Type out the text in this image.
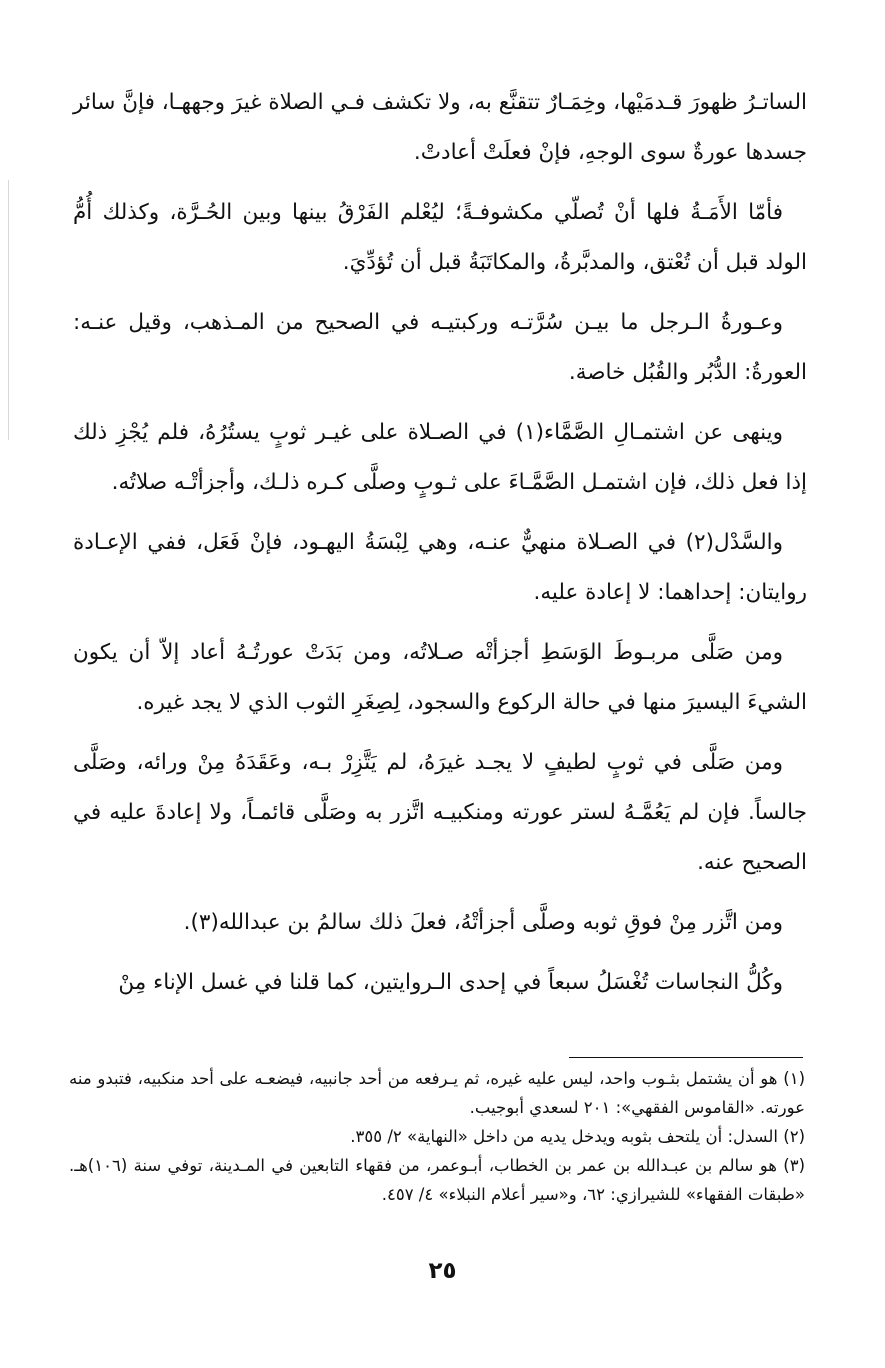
الساتـرُ ظهورَ قـدمَيْها، وخِمَـارٌ تتقنَّع به، ولا تكشف فـي الصلاة غيرَ وجههـا، فإنَّ سائر جسدها عورةٌ سوى الوجهِ، فإنْ فعلَتْ أعادتْ.

فأمّا الأَمَـةُ فلها أنْ تُصلّي مكشوفـةً؛ ليُعْلم الفَرْقُ بينها وبين الحُـرَّة، وكذلك أُمُّ الولد قبل أن تُعْتق، والمدبَّرةُ، والمكاتَبَةُ قبل أن تُؤدِّيَ.

وعـورةُ الـرجل ما بيـن سُرَّتـه وركبتيـه في الصحيح من المـذهب، وقيل عنـه: العورةُ: الدُّبُر والقُبُل خاصة.

وينهى عن اشتمـالِ الصَّمَّاء(١) في الصـلاة على غيـر ثوبٍ يستُرُهُ، فلم يُجْزِ ذلك إذا فعل ذلك، فإن اشتمـل الصَّمَّـاءَ على ثـوبٍ وصلَّى كـره ذلـك، وأجزأتْـه صلاتُه.

والسَّدْل(٢) في الصـلاة منهيٌّ عنـه، وهي لِبْسَةُ اليهـود، فإنْ فَعَل، ففي الإعـادة روايتان: إحداهما: لا إعادة عليه.

ومن صَلَّى مربـوطَ الوَسَطِ أجزأتْه صـلاتُه، ومن بَدَتْ عورتُـهُ أعاد إلاّ أن يكون الشيءَ اليسيرَ منها في حالة الركوع والسجود، لِصِغَرِ الثوب الذي لا يجد غيره.

ومن صَلَّى في ثوبٍ لطيفٍ لا يجـد غيرَهُ، لم يَتَّزِرْ بـه، وعَقَدَهُ مِنْ ورائه، وصَلَّى جالساً. فإن لم يَعُمَّـهُ لستر عورته ومنكبيـه اتَّزر به وصَلَّى قائمـاً، ولا إعادةَ عليه في الصحيح عنه.

ومن اتَّزر مِنْ فوقِ ثوبه وصلَّى أجزأتْهُ، فعلَ ذلك سالمُ بن عبدالله(٣).

وكُلُّ النجاسات تُغْسَلُ سبعاً في إحدى الـروايتين، كما قلنا في غسل الإناء مِنْ

(١) هو أن يشتمل بثـوب واحد، ليس عليه غيره، ثم يـرفعه من أحد جانبيه، فيضعـه على أحد منكبيه، فتبدو منه عورته. «القاموس الفقهي»: ٢٠١ لسعدي أبوجيب.

(٢) السدل: أن يلتحف بثوبه ويدخل يديه من داخل «النهاية» ٢/ ٣٥٥.

(٣) هو سالم بن عبـدالله بن عمر بن الخطاب، أبـوعمر، من فقهاء التابعين في المـدينة، توفي سنة (١٠٦)هـ. «طبقات الفقهاء» للشيرازي: ٦٢، و«سير أعلام النبلاء» ٤/ ٤٥٧.

٢٥
